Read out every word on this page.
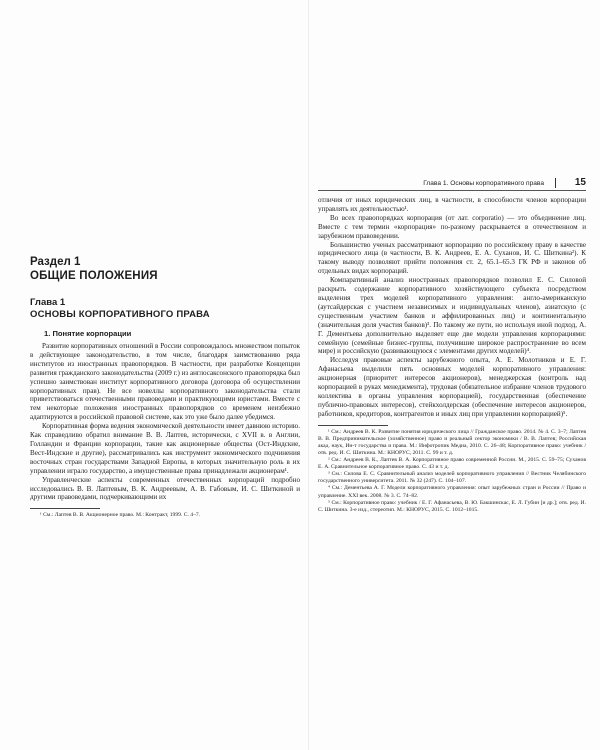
Глава 1. Основы корпоративного права	15
Раздел 1
ОБЩИЕ ПОЛОЖЕНИЯ
Глава 1
ОСНОВЫ КОРПОРАТИВНОГО ПРАВА
1. Понятие корпорации

Развитие корпоративных отношений в России сопровождалось множеством попыток в действующее законодательство, в том числе, благодаря заимствованию ряда институтов из иностранных правопорядков. В частности, при разработке Концепции развития гражданского законодательства (2009 г.) из англосаксонского правопорядка был успешно заимствован институт корпоративного договора (договора об осуществлении корпоративных прав). Не все новеллы корпоративного законодательства стали приветствоваться отечественными правоведами и практикующими юристами. Вместе с тем некоторые положения иностранных правопорядков со временем неизбежно адаптируются в российской правовой системе, как это уже было далее убедимся.

Корпоративная форма ведения экономической деятельности имеет давнюю историю. Как справедливо обратил внимание В. В. Лаптев, исторически, с XVII в. в Англии, Голландии и Франции корпорации, такие как акционерные общества (Ост-Индские, Вест-Индские и другие), рассматривались как инструмент экономического подчинения восточных стран государствами Западной Европы, в которых значительную роль в их управлении играло государство, а имущественные права принадлежали акционерам¹.

Управленческие аспекты современных отечественных корпораций подробно исследовались В. В. Лаптевым, В. К. Андреевым, А. В. Габовым, И. С. Шиткиной и другими правоведами, подчеркивающими их

¹ См.: Лаптев В. В. Акционерное право. М.: Контракт, 1999. С. 4–7.

отличия от иных юридических лиц, в частности, в способности членов корпорации управлять их деятельностью¹.

Во всех правопорядках корпорация (от лат. corporatio) — это объединение лиц. Вместе с тем термин «корпорация» по-разному раскрывается в отечественном и зарубежном правоведении.

Большинство ученых рассматривают корпорацию по российскому праву в качестве юридического лица (в частности, В. К. Андреев, Е. А. Суханов, И. С. Шиткина²). К такому выводу позволяют прийти положения ст. 2, 65.1–65.3 ГК РФ и законов об отдельных видах корпораций.

Компаративный анализ иностранных правопорядков позволил Е. С. Силовой раскрыть содержание корпоративного хозяйствующего субъекта посредством выделения трех моделей корпоративного управления: англо-американскую (аутсайдерская с участием независимых и индивидуальных членов), азиатскую (с существенным участием банков и аффилированных лиц) и континентальную (значительная доля участия банков)³. По такому же пути, но используя иной подход, А. Г. Дементьева дополнительно выделяет еще две модели управления корпорациями: семейную (семейные бизнес-группы, получившие широкое распространение во всем мире) и российскую (развивающуюся с элементами других моделей)⁴.

Исследуя правовые аспекты зарубежного опыта, А. Е. Молотников и Е. Г. Афанасьева выделили пять основных моделей корпоративного управления: акционерная (приоритет интересов акционеров), менеджерская (контроль над корпорацией в руках менеджмента), трудовая (обязательное избрание членов трудового коллектива в органы управления корпорацией), государственная (обеспечение публично-правовых интересов), стейкхолдерская (обеспечение интересов акционеров, работников, кредиторов, контрагентов и иных лиц при управлении корпорацией)⁵.

¹ См.: Андреев В. К. Развитие понятия юридического лица // Гражданское право. 2014. № 4. С. 3–7; Лаптев В. В. Предпринимательское (хозяйственное) право и реальный сектор экономики / В. В. Лаптев; Российская акад. наук, Ин-т государства и права. М.: Инфотропик Медиа, 2010. С. 26–48; Корпоративное право: учебник / отв. ред. И. С. Шиткина. М.: КНОРУС, 2011. С. 99 и т. д.

² См.: Андреев В. К., Лаптев В. А. Корпоративное право современной России. М., 2015. С. 59–75; Суханов Е. А. Сравнительное корпоративное право. С. 43 и т. д.

³ См.: Силова Е. С. Сравнительный анализ моделей корпоративного управления // Вестник Челябинского государственного университета. 2011. № 32 (247). С. 104–107.

⁴ См.: Дементьева А. Г. Модели корпоративного управления: опыт зарубежных стран и России // Право и управление. XXI век. 2008. № 3. С. 74–82.

⁵ См.: Корпоративное право: учебник / Е. Г. Афанасьева, В. Ю. Бакшинскас, Е. Л. Губин [и др.]; отв. ред. И. С. Шиткина. 3-е изд., стереотип. М.: КНОРУС, 2015. С. 1012–1015.
